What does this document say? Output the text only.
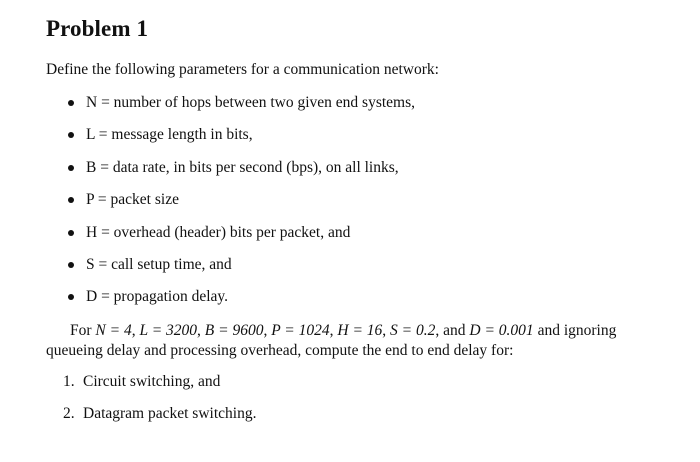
Problem 1

Define the following parameters for a communication network:

N = number of hops between two given end systems,
L = message length in bits,
B = data rate, in bits per second (bps), on all links,
P = packet size
H = overhead (header) bits per packet, and
S = call setup time, and
D = propagation delay.

For N = 4, L = 3200, B = 9600, P = 1024, H = 16, S = 0.2, and D = 0.001 and ignoring
queueing delay and processing overhead, compute the end to end delay for:

1. Circuit switching, and
2. Datagram packet switching.
